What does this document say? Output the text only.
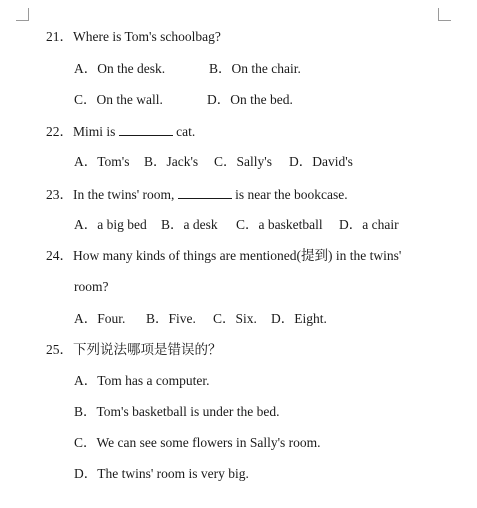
21．Where is Tom's schoolbag?
A．On the desk.	B．On the chair.
C．On the wall.	D．On the bed.
22．Mimi is	cat.
A．Tom's B．Jack's C．Sally's D．David's
23．In the twins' room,	is near the bookcase.
A．a big bed B．a desk C．a basketball D．a chair
24．How many kinds of things are mentioned(提到) in the twins'
room?
A．Four. B．Five. C．Six. D．Eight.
25．下列说法哪项是错误的？
A．Tom has a computer.
B．Tom's basketball is under the bed.
C．We can see some flowers in Sally's room.
D．The twins' room is very big.
